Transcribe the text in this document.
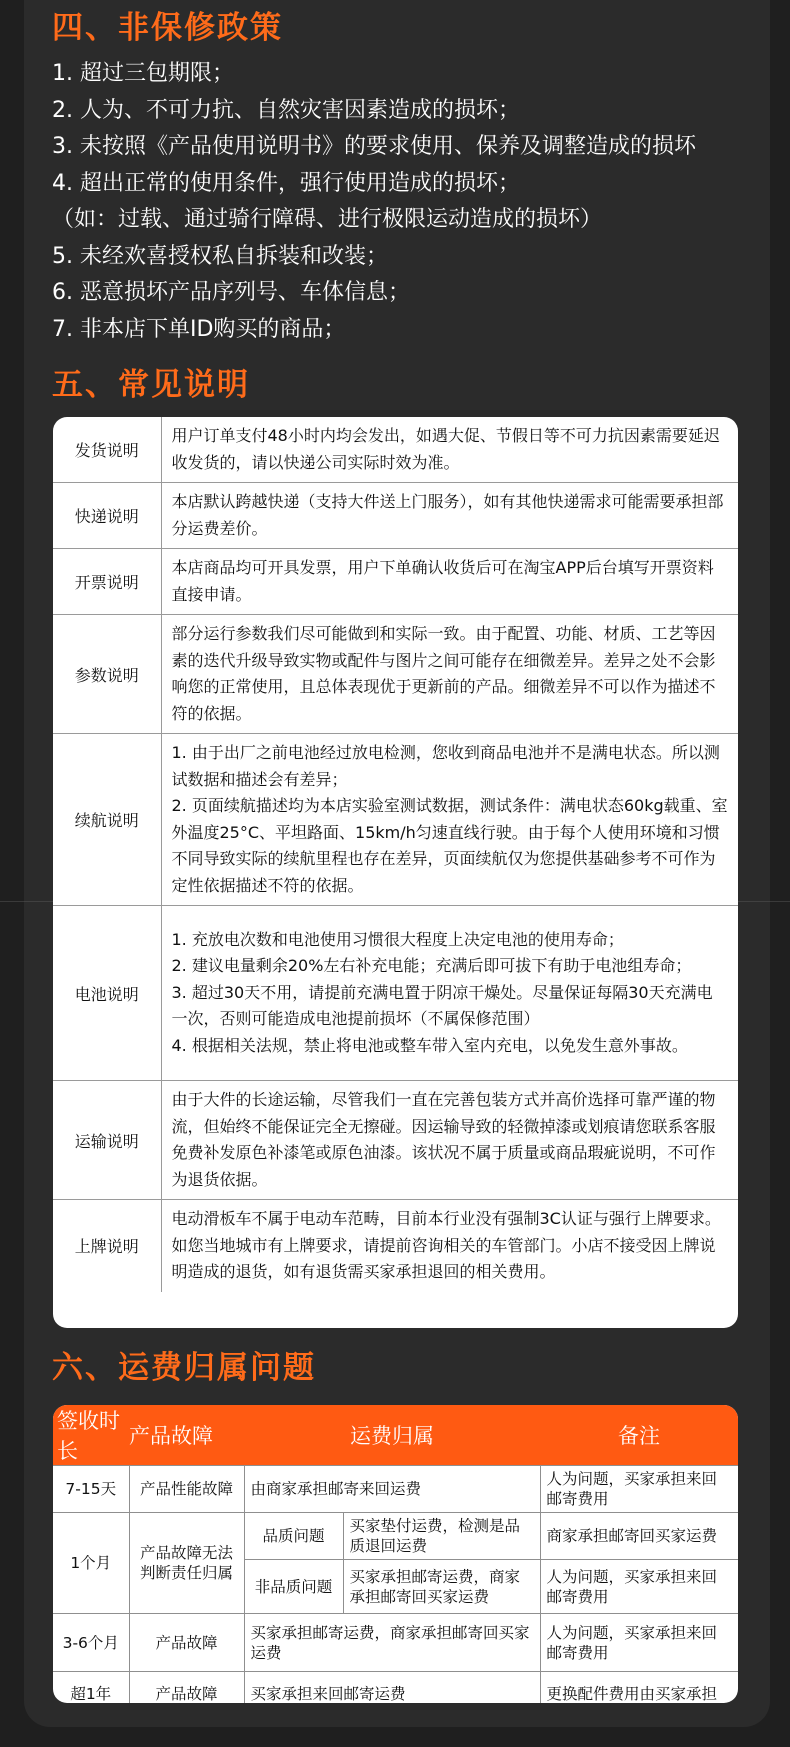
四、非保修政策
1. 超过三包期限；
2. 人为、不可力抗、自然灾害因素造成的损坏；
3. 未按照《产品使用说明书》的要求使用、保养及调整造成的损坏
4. 超出正常的使用条件，强行使用造成的损坏；
（如：过载、通过骑行障碍、进行极限运动造成的损坏）
5. 未经欢喜授权私自拆装和改装；
6. 恶意损坏产品序列号、车体信息；
7. 非本店下单ID购买的商品；
五、常见说明
发货说明	用户订单支付48小时内均会发出，如遇大促、节假日等不可力抗因素需要延迟收发货的，请以快递公司实际时效为准。
快递说明	本店默认跨越快递（支持大件送上门服务），如有其他快递需求可能需要承担部分运费差价。
开票说明	本店商品均可开具发票，用户下单确认收货后可在淘宝APP后台填写开票资料直接申请。
参数说明	部分运行参数我们尽可能做到和实际一致。由于配置、功能、材质、工艺等因素的迭代升级导致实物或配件与图片之间可能存在细微差异。差异之处不会影响您的正常使用，且总体表现优于更新前的产品。细微差异不可以作为描述不符的依据。
续航说明	1. 由于出厂之前电池经过放电检测，您收到商品电池并不是满电状态。所以测试数据和描述会有差异；
2. 页面续航描述均为本店实验室测试数据，测试条件：满电状态60kg载重、室外温度25°C、平坦路面、15km/h匀速直线行驶。由于每个人使用环境和习惯不同导致实际的续航里程也存在差异，页面续航仅为您提供基础参考不可作为定性依据描述不符的依据。
电池说明	1. 充放电次数和电池使用习惯很大程度上决定电池的使用寿命；
2. 建议电量剩余20%左右补充电能；充满后即可拔下有助于电池组寿命；
3. 超过30天不用，请提前充满电置于阴凉干燥处。尽量保证每隔30天充满电一次，否则可能造成电池提前损坏（不属保修范围）
4. 根据相关法规，禁止将电池或整车带入室内充电，以免发生意外事故。
运输说明	由于大件的长途运输，尽管我们一直在完善包装方式并高价选择可靠严谨的物流，但始终不能保证完全无擦碰。因运输导致的轻微掉漆或划痕请您联系客服免费补发原色补漆笔或原色油漆。该状况不属于质量或商品瑕疵说明，不可作为退货依据。
上牌说明	电动滑板车不属于电动车范畴，目前本行业没有强制3C认证与强行上牌要求。如您当地城市有上牌要求，请提前咨询相关的车管部门。小店不接受因上牌说明造成的退货，如有退货需买家承担退回的相关费用。
六、运费归属问题
签收时长	产品故障	运费归属		备注
7-15天	产品性能故障	由商家承担邮寄来回运费		人为问题，买家承担来回邮寄费用
1个月	产品故障无法判断责任归属	品质问题	买家垫付运费，检测是品质退回运费	商家承担邮寄回买家运费
		非品质问题	买家承担邮寄运费，商家承担邮寄回买家运费	人为问题，买家承担来回邮寄费用
3-6个月	产品故障	买家承担邮寄运费，商家承担邮寄回买家运费		人为问题，买家承担来回邮寄费用
超1年	产品故障	买家承担来回邮寄运费		更换配件费用由买家承担
